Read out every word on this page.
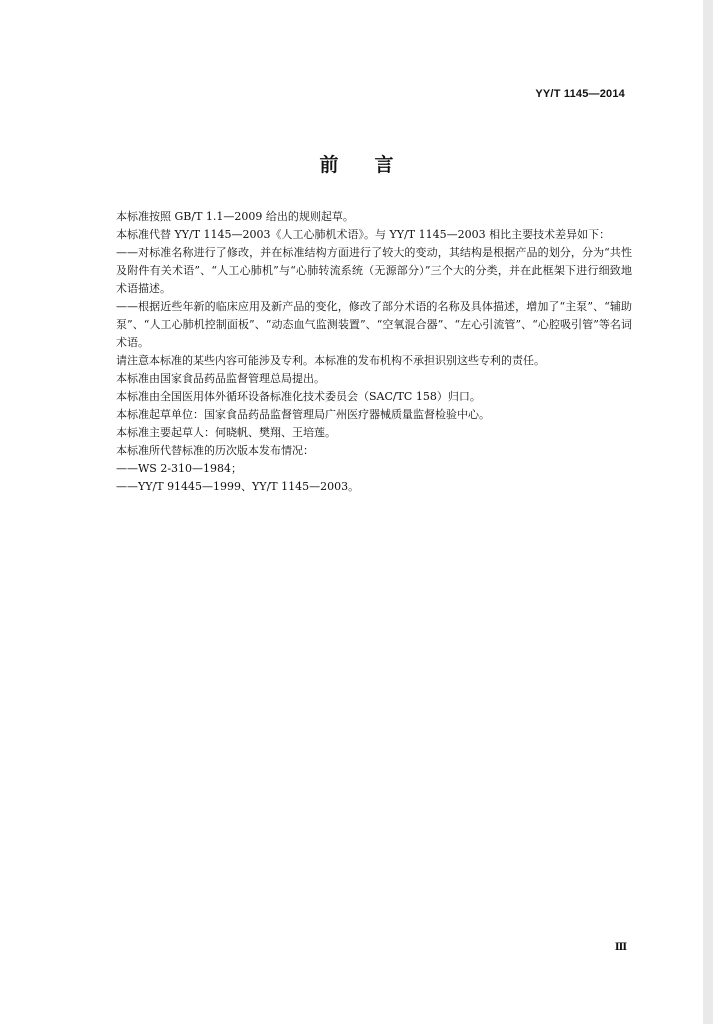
YY/T 1145—2014
前言

本标准按照 GB/T 1.1—2009 给出的规则起草。

本标准代替 YY/T 1145—2003《人工心肺机术语》。与 YY/T 1145—2003 相比主要技术差异如下：

——对标准名称进行了修改，并在标准结构方面进行了较大的变动，其结构是根据产品的划分，分为“共性及附件有关术语”、“人工心肺机”与“心肺转流系统（无源部分）”三个大的分类，并在此框架下进行细致地术语描述。

——根据近些年新的临床应用及新产品的变化，修改了部分术语的名称及具体描述，增加了“主泵”、“辅助泵”、“人工心肺机控制面板”、“动态血气监测装置”、“空氧混合器”、“左心引流管”、“心腔吸引管”等名词术语。

请注意本标准的某些内容可能涉及专利。本标准的发布机构不承担识别这些专利的责任。

本标准由国家食品药品监督管理总局提出。

本标准由全国医用体外循环设备标准化技术委员会（SAC/TC 158）归口。

本标准起草单位：国家食品药品监督管理局广州医疗器械质量监督检验中心。

本标准主要起草人：何晓帆、樊翔、王培莲。

本标准所代替标准的历次版本发布情况：

——WS 2-310—1984；

——YY/T 91445—1999、YY/T 1145—2003。

Ⅲ
